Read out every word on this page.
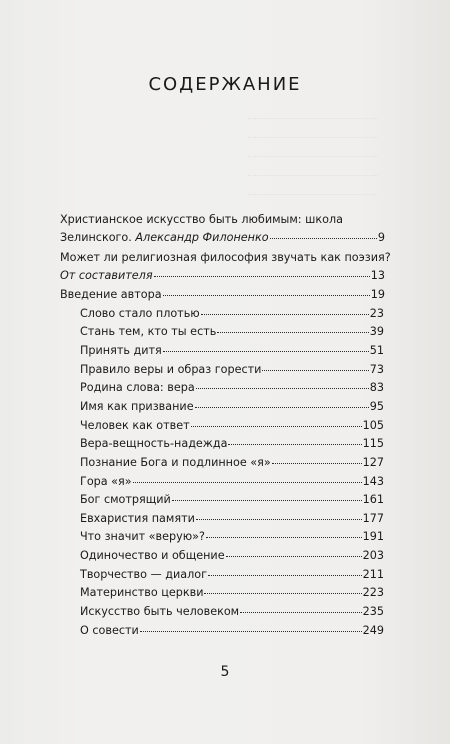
СОДЕРЖАНИЕ
Христианское искусство быть любимым: школа
Зелинского. Александр Филоненко	9
Может ли религиозная философия звучать как поэзия?
От составителя	13
Введение автора	19
Слово стало плотью	23
Стань тем, кто ты есть	39
Принять дитя	51
Правило веры и образ горести	73
Родина слова: вера	83
Имя как призвание	95
Человек как ответ	105
Вера-вещность-надежда	115
Познание Бога и подлинное «я»	127
Гора «я»	143
Бог смотрящий	161
Евхаристия памяти	177
Что значит «верую»?	191
Одиночество и общение	203
Творчество — диалог	211
Материнство церкви	223
Искусство быть человеком	235
О совести	249
5
